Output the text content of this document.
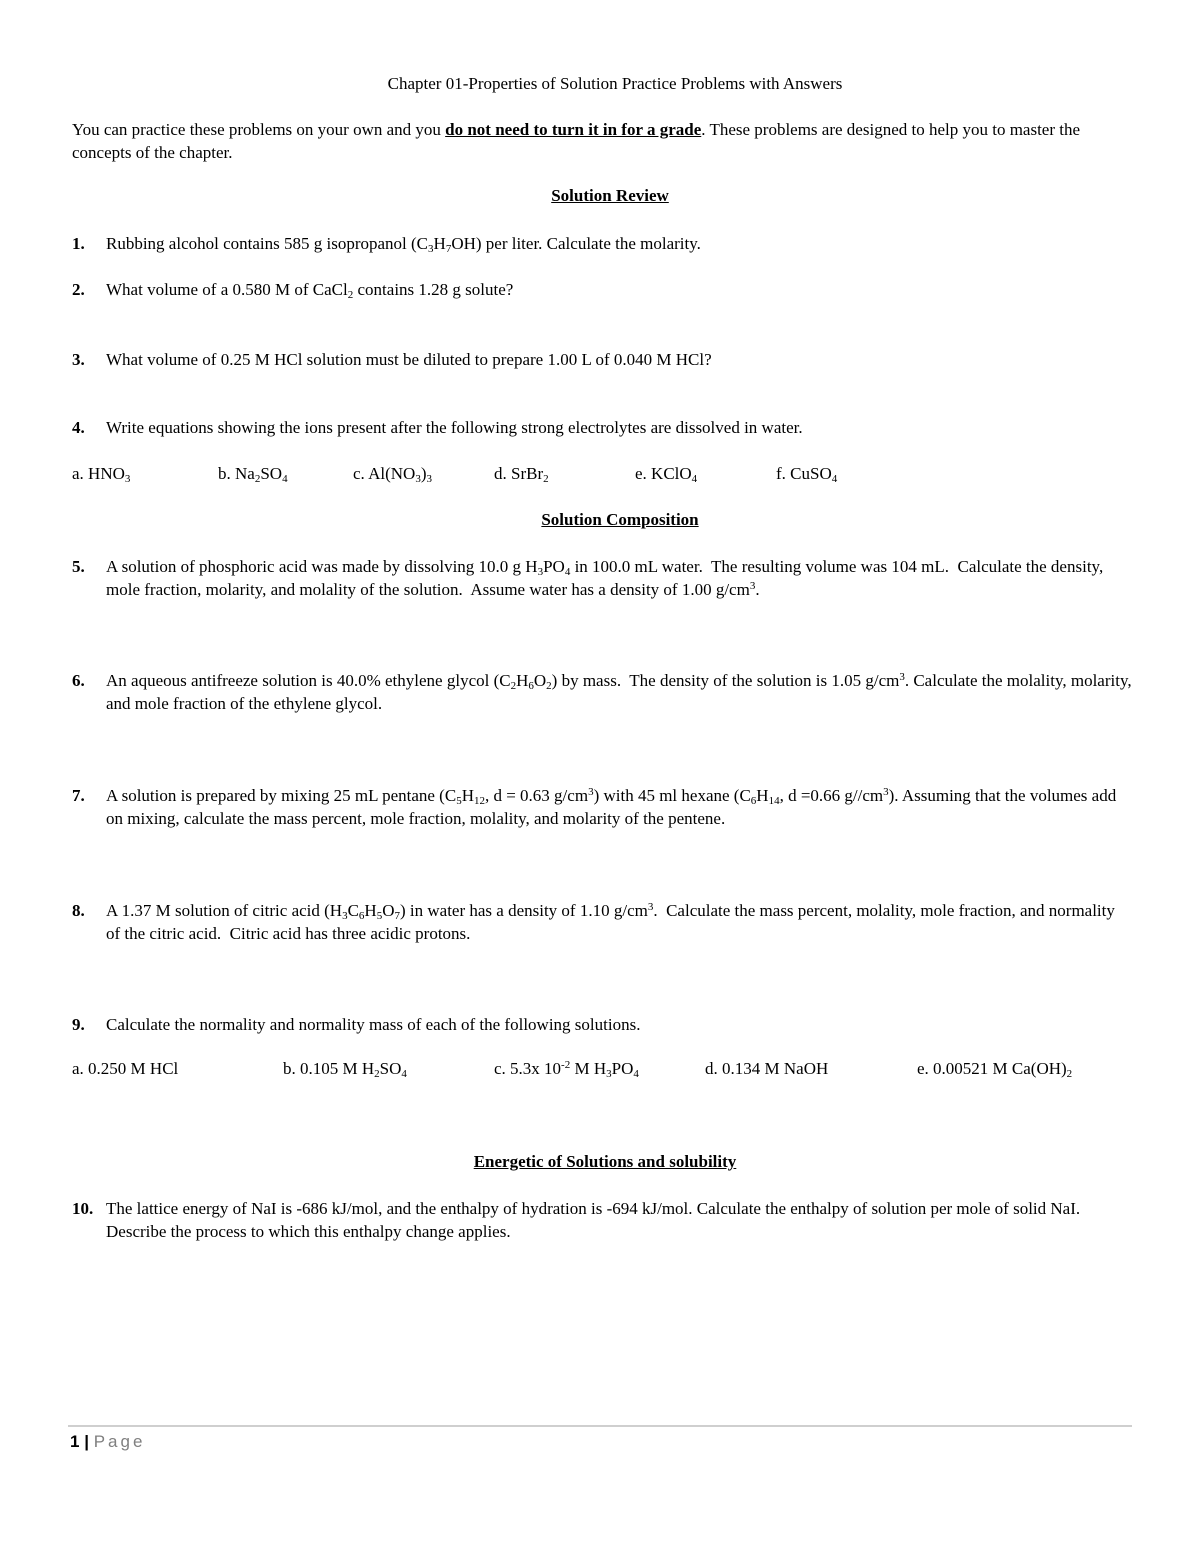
Chapter 01-Properties of Solution Practice Problems with Answers
You can practice these problems on your own and you do not need to turn it in for a grade. These problems are designed to help you to master the concepts of the chapter.
Solution Review
1. Rubbing alcohol contains 585 g isopropanol $(C_3H_7OH)$ per liter. Calculate the molarity.
2. What volume of a 0.580 M of CaCl$_2$ contains 1.28 g solute?
3. What volume of 0.25 M HCl solution must be diluted to prepare 1.00 L of 0.040 M HCl?
4. Write equations showing the ions present after the following strong electrolytes are dissolved in water.
a. $HNO_3$	b. $Na_2SO_4$	c. $Al(NO_3)_3$	d. SrBr$_2$	e. KClO$_4$	f. CuSO$_4$
Solution Composition
5. A solution of phosphoric acid was made by dissolving 10.0 g $H_3PO_4$ in 100.0 mL water.  The resulting volume was 104 mL.  Calculate the density, mole fraction, molarity, and molality of the solution.  Assume water has a density of 1.00 $g/cm^3$.
6. An aqueous antifreeze solution is 40.0% ethylene glycol $(C_2H_6O_2)$ by mass.  The density of the solution is 1.05 $g/cm^3$. Calculate the molality, molarity, and mole fraction of the ethylene glycol.
7. A solution is prepared by mixing 25 mL pentane ($C_5H_{12}$, d = 0.63 $g/cm^3$) with 45 ml hexane ($C_6H_{14}$, d =0.66 $g//cm^3$). Assuming that the volumes add on mixing, calculate the mass percent, mole fraction, molality, and molarity of the pentene.
8. A 1.37 M solution of citric acid $(H_3C_6H_5O_7)$ in water has a density of 1.10 $g/cm^3$.  Calculate the mass percent, molality, mole fraction, and normality of the citric acid.  Citric acid has three acidic protons.
9. Calculate the normality and normality mass of each of the following solutions.
a. 0.250 M HCl	b. 0.105 M $H_2SO_4$	c. 5.3x $10^{-2}$ M $H_3PO_4$	d. 0.134 M NaOH	e. 0.00521 M $Ca(OH)_2$
Energetic of Solutions and solubility
10. The lattice energy of NaI is -686 kJ/mol, and the enthalpy of hydration is -694 kJ/mol. Calculate the enthalpy of solution per mole of solid NaI. Describe the process to which this enthalpy change applies.
1 | Page
